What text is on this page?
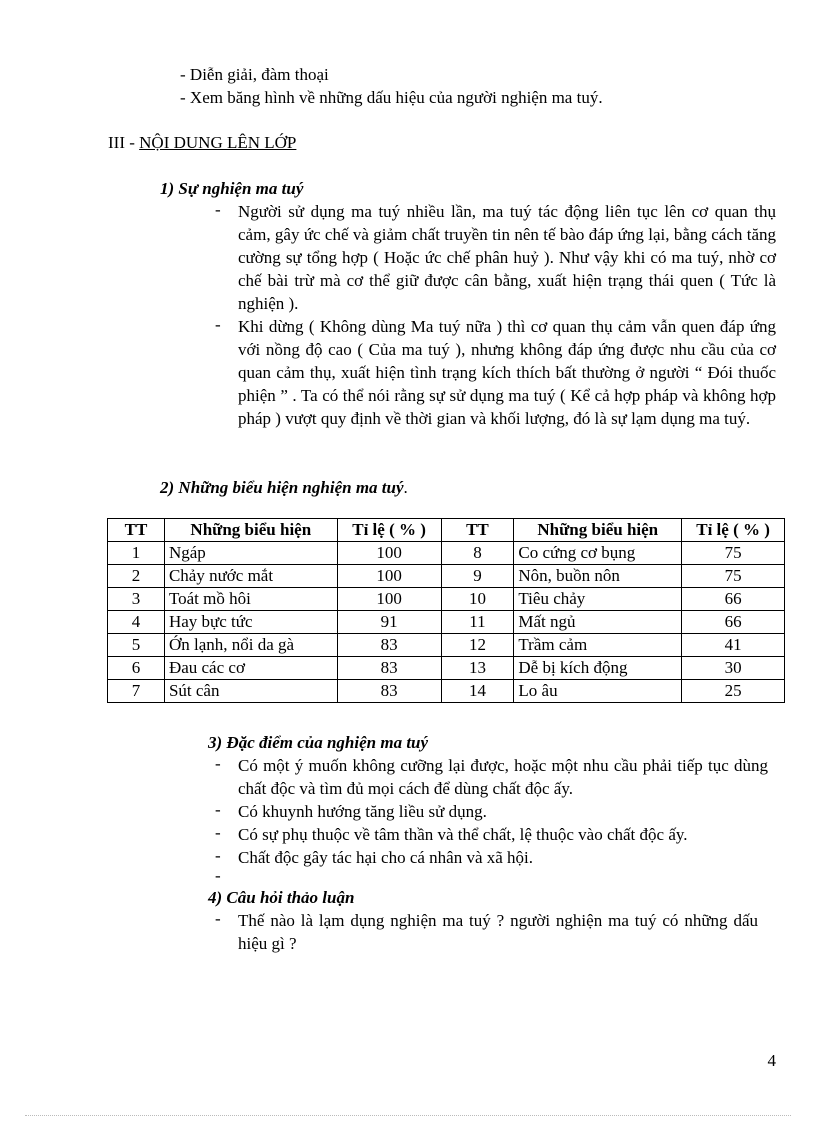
- Diễn giải, đàm thoại
- Xem băng hình về những dấu hiệu của người nghiện ma tuý.
III - NỘI DUNG LÊN LỚP
1) Sự nghiện ma tuý
- Người sử dụng ma tuý nhiều lần, ma tuý tác động liên tục lên cơ quan thụ cảm, gây ức chế và giảm chất truyền tin nên tế bào đáp ứng lại, bằng cách tăng cường sự tổng hợp ( Hoặc ức chế phân huỷ ). Như vậy khi có ma tuý, nhờ cơ chế bài trừ mà cơ thể giữ được cân bằng, xuất hiện trạng thái quen ( Tức là nghiện ).
- Khi dừng ( Không dùng Ma tuý nữa ) thì cơ quan thụ cảm vẫn quen đáp ứng với nồng độ cao ( Của ma tuý ), nhưng không đáp ứng được nhu cầu của cơ quan cảm thụ, xuất hiện tình trạng kích thích bất thường ở người “ Đói thuốc phiện ” . Ta có thể nói rằng sự sử dụng ma tuý ( Kể cả hợp pháp và không hợp pháp ) vượt quy định về thời gian và khối lượng, đó là sự lạm dụng ma tuý.
2) Những biểu hiện nghiện ma tuý.
TT	Những biểu hiện	Tỉ lệ ( % )	TT	Những biểu hiện	Tỉ lệ ( % )
1	Ngáp	100	8	Co cứng cơ bụng	75
2	Chảy nước mắt	100	9	Nôn, buồn nôn	75
3	Toát mồ hôi	100	10	Tiêu chảy	66
4	Hay bực tức	91	11	Mất ngủ	66
5	Ớn lạnh, nổi da gà	83	12	Trầm cảm	41
6	Đau các cơ	83	13	Dễ bị kích động	30
7	Sút cân	83	14	Lo âu	25
3) Đặc điểm của nghiện ma tuý
- Có một ý muốn không cưỡng lại được, hoặc một nhu cầu phải tiếp tục dùng chất độc và tìm đủ mọi cách để dùng chất độc ấy.
- Có khuynh hướng tăng liều sử dụng.
- Có sự phụ thuộc về tâm thần và thể chất, lệ thuộc vào chất độc ấy.
- Chất độc gây tác hại cho cá nhân và xã hội.
-
4) Câu hỏi thảo luận
- Thế nào là lạm dụng nghiện ma tuý ? người nghiện ma tuý có những dấu hiệu gì ?
4
